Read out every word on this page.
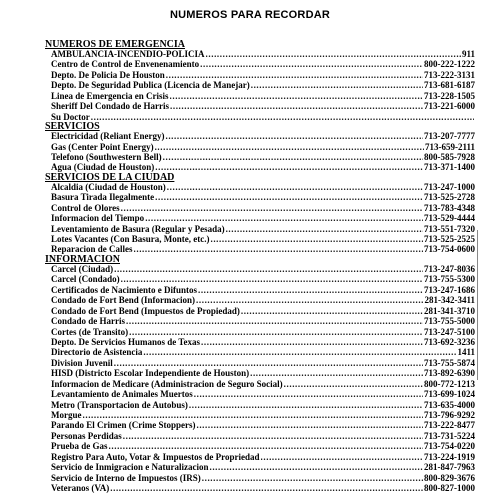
NUMEROS PARA RECORDAR
NUMEROS DE EMERGENCIA
AMBULANCIA-INCENDIO-POLICIA .....	911
Centro de Control de Envenenamiento .....	800-222-1222
Depto. De Policia De Houston .....	713-222-3131
Depto. De Seguridad Publica (Licencia de Manejar) .....	713-681-6187
Linea de Emergencia en Crisis .....	713-228-1505
Sheriff Del Condado de Harris .....	713-221-6000
Su Doctor
.....
SERVICIOS
Electricidad (Reliant Energy) .....	713-207-7777
Gas (Center Point Energy) .....	713-659-2111
Telefono (Southwestern Bell) .....	800-585-7928
Agua (Ciudad de Houston) .....	713-371-1400
SERVICIOS DE LA CIUDAD
Alcaldia (Ciudad de Houston) .....	713-247-1000
Basura Tirada Ilegalmente .....	713-525-2728
Control de Olores .....	713-783-4348
Informacion del Tiempo .....	713-529-4444
Leventamiento de Basura (Regular y Pesada) .....	713-551-7320
Lotes Vacantes (Con Basura, Monte, etc.) .....	713-525-2525
Reparacion de Calles .....	713-754-0600
INFORMACION
Carcel (Ciudad) .....	713-247-8036
Carcel (Condado) .....	713-755-5300
Certificados de Nacimiento e Difuntos .....	713-247-1686
Condado de Fort Bend (Informacion) .....	281-342-3411
Condado de Fort Bend (Impuestos de Propiedad) .....	281-341-3710
Condado de Harris .....	713-755-5000
Cortes (de Transito) .....	713-247-5100
Depto. De Servicios Humanos de Texas .....	713-692-3236
Directorio de Asistencia .....	1411
Division Juvenil .....	713-755-5874
HISD (Districto Escolar Independiente de Houston) .....	713-892-6390
Informacion de Medicare (Administracion de Seguro Social) .....	800-772-1213
Levantamiento de Animales Muertos .....	713-699-1024
Metro (Transportacion de Autobus) .....	713-635-4000
Morgue .....	713-796-9292
Parando El Crimen (Crime Stoppers) .....	713-222-8477
Personas Perdidas .....	713-731-5224
Prueba de Gas .....	713-754-0220
Registro Para Auto, Votar & Impuestos de Propriedad .....	713-224-1919
Servicio de Inmigracion e Naturalizacion .....	281-847-7963
Servicio de Interno de Impuestos (IRS) .....	800-829-3676
Veteranos (VA) .....	800-827-1000
